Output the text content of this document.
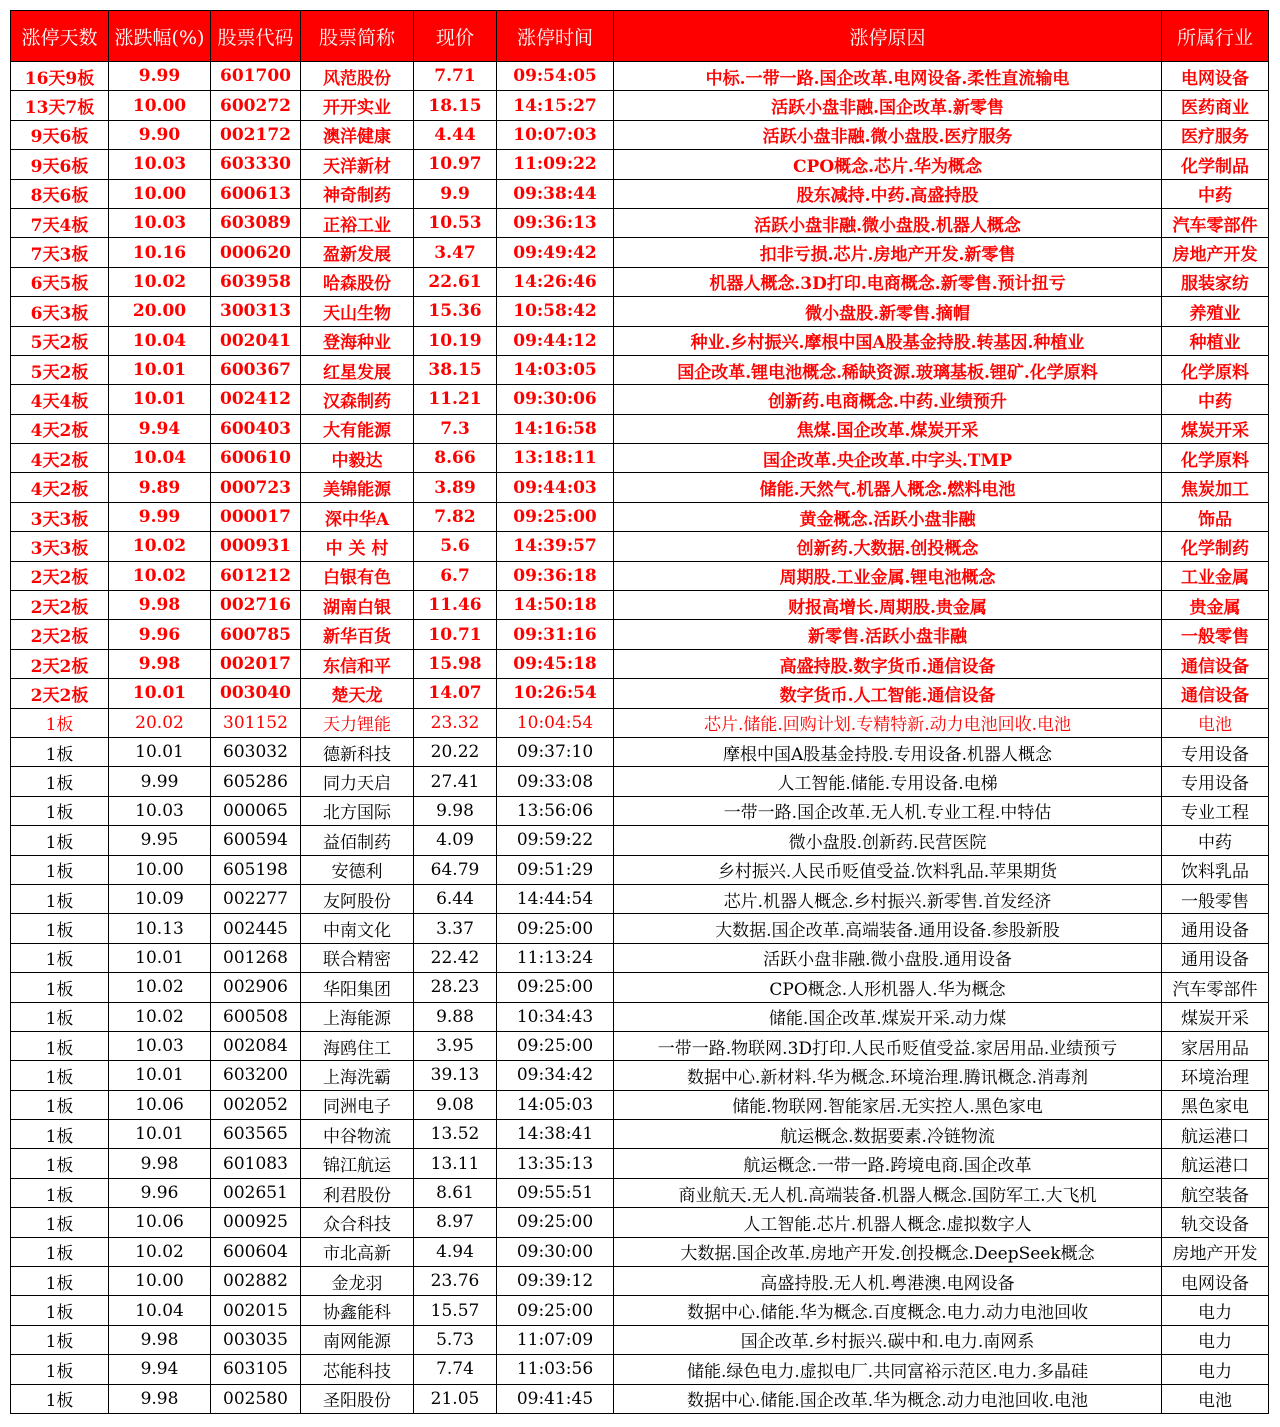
涨停天数	涨跌幅(%)	股票代码	股票简称	现价	涨停时间	涨停原因	所属行业
16天9板	9.99	601700	风范股份	7.71	09:54:05	中标.一带一路.国企改革.电网设备.柔性直流输电	电网设备
13天7板	10.00	600272	开开实业	18.15	14:15:27	活跃小盘非融.国企改革.新零售	医药商业
9天6板	9.90	002172	澳洋健康	4.44	10:07:03	活跃小盘非融.微小盘股.医疗服务	医疗服务
9天6板	10.03	603330	天洋新材	10.97	11:09:22	CPO概念.芯片.华为概念	化学制品
8天6板	10.00	600613	神奇制药	9.9	09:38:44	股东减持.中药.高盛持股	中药
7天4板	10.03	603089	正裕工业	10.53	09:36:13	活跃小盘非融.微小盘股.机器人概念	汽车零部件
7天3板	10.16	000620	盈新发展	3.47	09:49:42	扣非亏损.芯片.房地产开发.新零售	房地产开发
6天5板	10.02	603958	哈森股份	22.61	14:26:46	机器人概念.3D打印.电商概念.新零售.预计扭亏	服装家纺
6天3板	20.00	300313	天山生物	15.36	10:58:42	微小盘股.新零售.摘帽	养殖业
5天2板	10.04	002041	登海种业	10.19	09:44:12	种业.乡村振兴.摩根中国A股基金持股.转基因.种植业	种植业
5天2板	10.01	600367	红星发展	38.15	14:03:05	国企改革.锂电池概念.稀缺资源.玻璃基板.锂矿.化学原料	化学原料
4天4板	10.01	002412	汉森制药	11.21	09:30:06	创新药.电商概念.中药.业绩预升	中药
4天2板	9.94	600403	大有能源	7.3	14:16:58	焦煤.国企改革.煤炭开采	煤炭开采
4天2板	10.04	600610	中毅达	8.66	13:18:11	国企改革.央企改革.中字头.TMP	化学原料
4天2板	9.89	000723	美锦能源	3.89	09:44:03	储能.天然气.机器人概念.燃料电池	焦炭加工
3天3板	9.99	000017	深中华A	7.82	09:25:00	黄金概念.活跃小盘非融	饰品
3天3板	10.02	000931	中 关 村	5.6	14:39:57	创新药.大数据.创投概念	化学制药
2天2板	10.02	601212	白银有色	6.7	09:36:18	周期股.工业金属.锂电池概念	工业金属
2天2板	9.98	002716	湖南白银	11.46	14:50:18	财报高增长.周期股.贵金属	贵金属
2天2板	9.96	600785	新华百货	10.71	09:31:16	新零售.活跃小盘非融	一般零售
2天2板	9.98	002017	东信和平	15.98	09:45:18	高盛持股.数字货币.通信设备	通信设备
2天2板	10.01	003040	楚天龙	14.07	10:26:54	数字货币.人工智能.通信设备	通信设备
1板	20.02	301152	天力锂能	23.32	10:04:54	芯片.储能.回购计划.专精特新.动力电池回收.电池	电池
1板	10.01	603032	德新科技	20.22	09:37:10	摩根中国A股基金持股.专用设备.机器人概念	专用设备
1板	9.99	605286	同力天启	27.41	09:33:08	人工智能.储能.专用设备.电梯	专用设备
1板	10.03	000065	北方国际	9.98	13:56:06	一带一路.国企改革.无人机.专业工程.中特估	专业工程
1板	9.95	600594	益佰制药	4.09	09:59:22	微小盘股.创新药.民营医院	中药
1板	10.00	605198	安德利	64.79	09:51:29	乡村振兴.人民币贬值受益.饮料乳品.苹果期货	饮料乳品
1板	10.09	002277	友阿股份	6.44	14:44:54	芯片.机器人概念.乡村振兴.新零售.首发经济	一般零售
1板	10.13	002445	中南文化	3.37	09:25:00	大数据.国企改革.高端装备.通用设备.参股新股	通用设备
1板	10.01	001268	联合精密	22.42	11:13:24	活跃小盘非融.微小盘股.通用设备	通用设备
1板	10.02	002906	华阳集团	28.23	09:25:00	CPO概念.人形机器人.华为概念	汽车零部件
1板	10.02	600508	上海能源	9.88	10:34:43	储能.国企改革.煤炭开采.动力煤	煤炭开采
1板	10.03	002084	海鸥住工	3.95	09:25:00	一带一路.物联网.3D打印.人民币贬值受益.家居用品.业绩预亏	家居用品
1板	10.01	603200	上海洗霸	39.13	09:34:42	数据中心.新材料.华为概念.环境治理.腾讯概念.消毒剂	环境治理
1板	10.06	002052	同洲电子	9.08	14:05:03	储能.物联网.智能家居.无实控人.黑色家电	黑色家电
1板	10.01	603565	中谷物流	13.52	14:38:41	航运概念.数据要素.冷链物流	航运港口
1板	9.98	601083	锦江航运	13.11	13:35:13	航运概念.一带一路.跨境电商.国企改革	航运港口
1板	9.96	002651	利君股份	8.61	09:55:51	商业航天.无人机.高端装备.机器人概念.国防军工.大飞机	航空装备
1板	10.06	000925	众合科技	8.97	09:25:00	人工智能.芯片.机器人概念.虚拟数字人	轨交设备
1板	10.02	600604	市北高新	4.94	09:30:00	大数据.国企改革.房地产开发.创投概念.DeepSeek概念	房地产开发
1板	10.00	002882	金龙羽	23.76	09:39:12	高盛持股.无人机.粤港澳.电网设备	电网设备
1板	10.04	002015	协鑫能科	15.57	09:25:00	数据中心.储能.华为概念.百度概念.电力.动力电池回收	电力
1板	9.98	003035	南网能源	5.73	11:07:09	国企改革.乡村振兴.碳中和.电力.南网系	电力
1板	9.94	603105	芯能科技	7.74	11:03:56	储能.绿色电力.虚拟电厂.共同富裕示范区.电力.多晶硅	电力
1板	9.98	002580	圣阳股份	21.05	09:41:45	数据中心.储能.国企改革.华为概念.动力电池回收.电池	电池
